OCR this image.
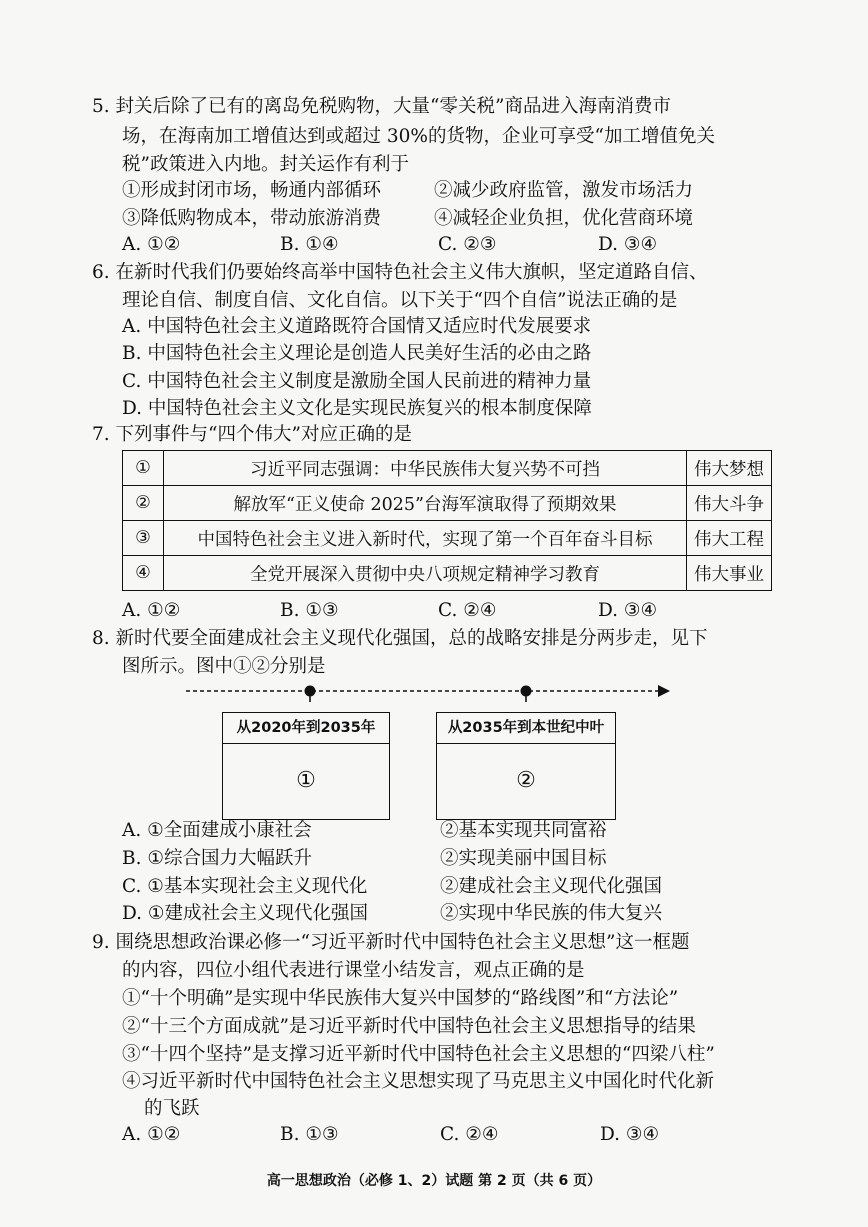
5. 封关后除了已有的离岛免税购物，大量“零关税”商品进入海南消费市
场，在海南加工增值达到或超过 30%的货物，企业可享受“加工增值免关
税”政策进入内地。封关运作有利于
①形成封闭市场，畅通内部循环	②减少政府监管，激发市场活力
③降低购物成本，带动旅游消费	④减轻企业负担，优化营商环境
A. ①②	B. ①④	C. ②③	D. ③④
6. 在新时代我们仍要始终高举中国特色社会主义伟大旗帜，坚定道路自信、
理论自信、制度自信、文化自信。以下关于“四个自信”说法正确的是
A. 中国特色社会主义道路既符合国情又适应时代发展要求
B. 中国特色社会主义理论是创造人民美好生活的必由之路
C. 中国特色社会主义制度是激励全国人民前进的精神力量
D. 中国特色社会主义文化是实现民族复兴的根本制度保障
7. 下列事件与“四个伟大”对应正确的是
①	习近平同志强调：中华民族伟大复兴势不可挡	伟大梦想
②	解放军“正义使命 2025”台海军演取得了预期效果	伟大斗争
③	中国特色社会主义进入新时代，实现了第一个百年奋斗目标	伟大工程
④	全党开展深入贯彻中央八项规定精神学习教育	伟大事业
A. ①②	B. ①③	C. ②④	D. ③④
8. 新时代要全面建成社会主义现代化强国，总的战略安排是分两步走，见下
图所示。图中①②分别是
从2020年到2035年
①
从2035年到本世纪中叶
②
A. ①全面建成小康社会	②基本实现共同富裕
B. ①综合国力大幅跃升	②实现美丽中国目标
C. ①基本实现社会主义现代化	②建成社会主义现代化强国
D. ①建成社会主义现代化强国	②实现中华民族的伟大复兴
9. 围绕思想政治课必修一“习近平新时代中国特色社会主义思想”这一框题
的内容，四位小组代表进行课堂小结发言，观点正确的是
①“十个明确”是实现中华民族伟大复兴中国梦的“路线图”和“方法论”
②“十三个方面成就”是习近平新时代中国特色社会主义思想指导的结果
③“十四个坚持”是支撑习近平新时代中国特色社会主义思想的“四梁八柱”
④习近平新时代中国特色社会主义思想实现了马克思主义中国化时代化新
的飞跃
A. ①②	B. ①③	C. ②④	D. ③④
高一思想政治（必修 1、2）试题 第 2 页（共 6 页）
